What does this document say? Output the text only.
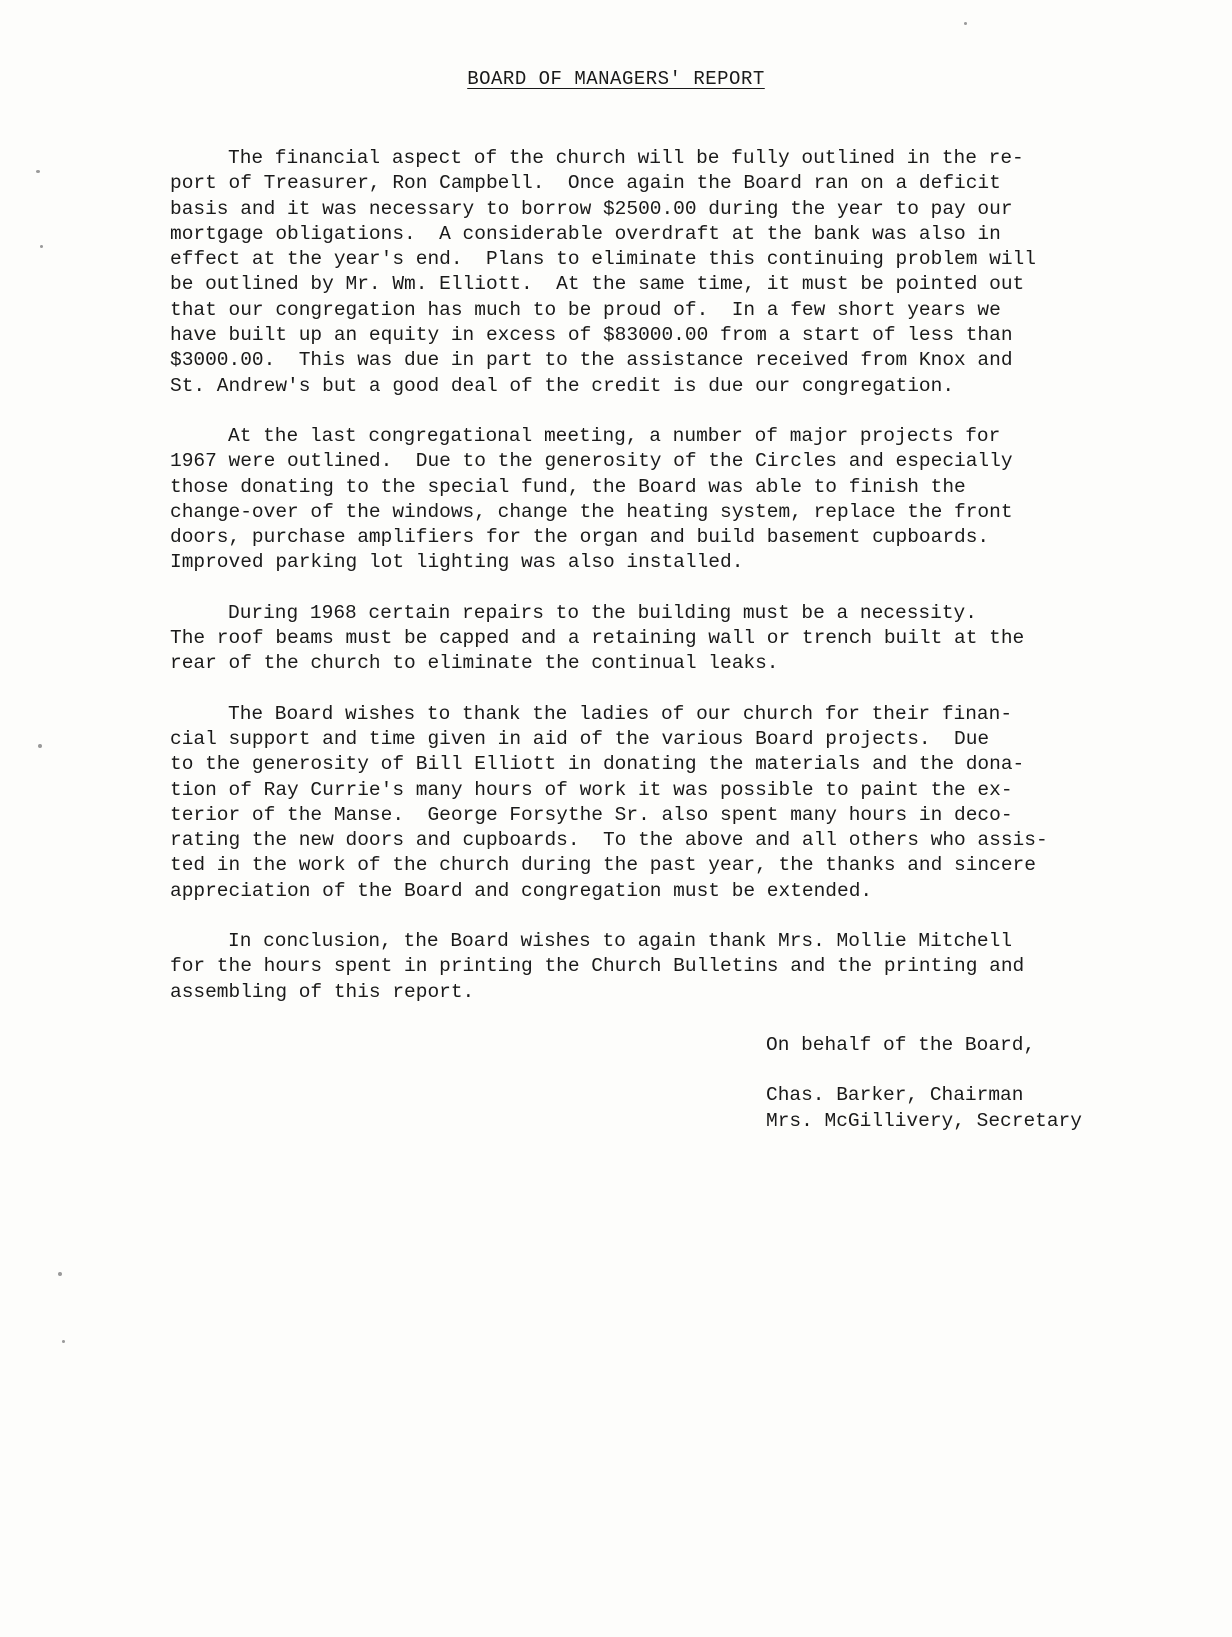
BOARD OF MANAGERS' REPORT
The financial aspect of the church will be fully outlined in the re-
port of Treasurer, Ron Campbell.  Once again the Board ran on a deficit
basis and it was necessary to borrow $2500.00 during the year to pay our
mortgage obligations.  A considerable overdraft at the bank was also in
effect at the year's end.  Plans to eliminate this continuing problem will
be outlined by Mr. Wm. Elliott.  At the same time, it must be pointed out
that our congregation has much to be proud of.  In a few short years we
have built up an equity in excess of $83000.00 from a start of less than
$3000.00.  This was due in part to the assistance received from Knox and
St. Andrew's but a good deal of the credit is due our congregation.
At the last congregational meeting, a number of major projects for
1967 were outlined.  Due to the generosity of the Circles and especially
those donating to the special fund, the Board was able to finish the
change-over of the windows, change the heating system, replace the front
doors, purchase amplifiers for the organ and build basement cupboards.
Improved parking lot lighting was also installed.
During 1968 certain repairs to the building must be a necessity.
The roof beams must be capped and a retaining wall or trench built at the
rear of the church to eliminate the continual leaks.
The Board wishes to thank the ladies of our church for their finan-
cial support and time given in aid of the various Board projects.  Due
to the generosity of Bill Elliott in donating the materials and the dona-
tion of Ray Currie's many hours of work it was possible to paint the ex-
terior of the Manse.  George Forsythe Sr. also spent many hours in deco-
rating the new doors and cupboards.  To the above and all others who assis-
ted in the work of the church during the past year, the thanks and sincere
appreciation of the Board and congregation must be extended.
In conclusion, the Board wishes to again thank Mrs. Mollie Mitchell
for the hours spent in printing the Church Bulletins and the printing and
assembling of this report.
On behalf of the Board,
Chas. Barker, Chairman
Mrs. McGillivery, Secretary
